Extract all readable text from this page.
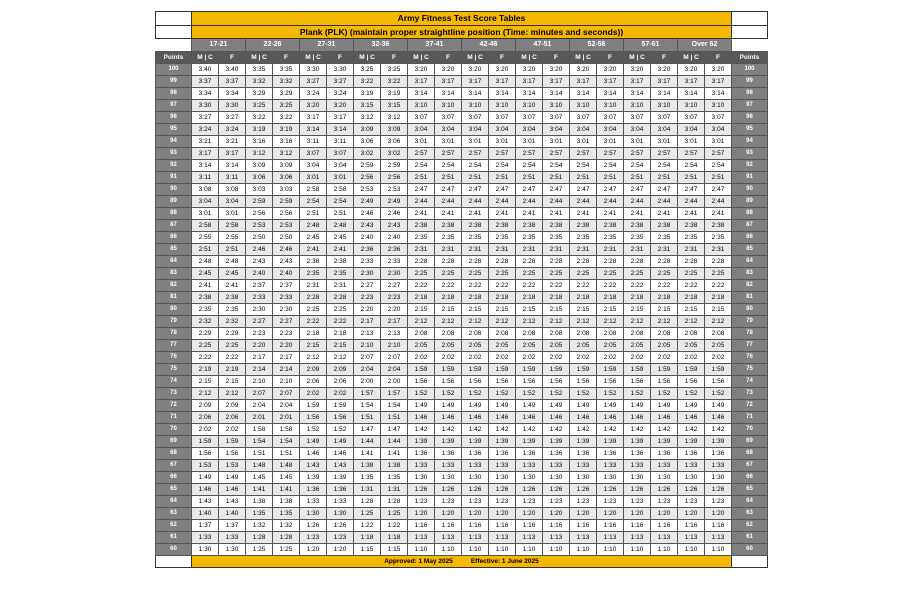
	Army Fitness Test Score Tables																				
	Plank (PLK) (maintain proper straightline position (Time: minutes and seconds))																				
	17-21		22-26		27-31		32-36		37-41		42-46		47-51		52-56		57-61		Over 62		
Points	M | C	F	M | C	F	M | C	F	M | C	F	M | C	F	M | C	F	M | C	F	M | C	F	M | C	F	M | C	F	Points
100	3:40	3:40	3:35	3:35	3:30	3:30	3:25	3:25	3:20	3:20	3:20	3:20	3:20	3:20	3:20	3:20	3:20	3:20	3:20	3:20	100
99	3:37	3:37	3:32	3:32	3:27	3:27	3:22	3:22	3:17	3:17	3:17	3:17	3:17	3:17	3:17	3:17	3:17	3:17	3:17	3:17	99
98	3:34	3:34	3:29	3:29	3:24	3:24	3:19	3:19	3:14	3:14	3:14	3:14	3:14	3:14	3:14	3:14	3:14	3:14	3:14	3:14	98
97	3:30	3:30	3:25	3:25	3:20	3:20	3:15	3:15	3:10	3:10	3:10	3:10	3:10	3:10	3:10	3:10	3:10	3:10	3:10	3:10	97
96	3:27	3:27	3:22	3:22	3:17	3:17	3:12	3:12	3:07	3:07	3:07	3:07	3:07	3:07	3:07	3:07	3:07	3:07	3:07	3:07	96
95	3:24	3:24	3:19	3:19	3:14	3:14	3:09	3:09	3:04	3:04	3:04	3:04	3:04	3:04	3:04	3:04	3:04	3:04	3:04	3:04	95
94	3:21	3:21	3:16	3:16	3:11	3:11	3:06	3:06	3:01	3:01	3:01	3:01	3:01	3:01	3:01	3:01	3:01	3:01	3:01	3:01	94
93	3:17	3:17	3:12	3:12	3:07	3:07	3:02	3:02	2:57	2:57	2:57	2:57	2:57	2:57	2:57	2:57	2:57	2:57	2:57	2:57	93
92	3:14	3:14	3:09	3:09	3:04	3:04	2:59	2:59	2:54	2:54	2:54	2:54	2:54	2:54	2:54	2:54	2:54	2:54	2:54	2:54	92
91	3:11	3:11	3:06	3:06	3:01	3:01	2:56	2:56	2:51	2:51	2:51	2:51	2:51	2:51	2:51	2:51	2:51	2:51	2:51	2:51	91
90	3:08	3:08	3:03	3:03	2:58	2:58	2:53	2:53	2:47	2:47	2:47	2:47	2:47	2:47	2:47	2:47	2:47	2:47	2:47	2:47	90
89	3:04	3:04	2:59	2:59	2:54	2:54	2:49	2:49	2:44	2:44	2:44	2:44	2:44	2:44	2:44	2:44	2:44	2:44	2:44	2:44	89
88	3:01	3:01	2:56	2:56	2:51	2:51	2:46	2:46	2:41	2:41	2:41	2:41	2:41	2:41	2:41	2:41	2:41	2:41	2:41	2:41	88
87	2:58	2:58	2:53	2:53	2:48	2:48	2:43	2:43	2:38	2:38	2:38	2:38	2:38	2:38	2:38	2:38	2:38	2:38	2:38	2:38	87
86	2:55	2:55	2:50	2:50	2:45	2:45	2:40	2:40	2:35	2:35	2:35	2:35	2:35	2:35	2:35	2:35	2:35	2:35	2:35	2:35	86
85	2:51	2:51	2:46	2:46	2:41	2:41	2:36	2:36	2:31	2:31	2:31	2:31	2:31	2:31	2:31	2:31	2:31	2:31	2:31	2:31	85
84	2:48	2:48	2:43	2:43	2:38	2:38	2:33	2:33	2:28	2:28	2:28	2:28	2:28	2:28	2:28	2:28	2:28	2:28	2:28	2:28	84
83	2:45	2:45	2:40	2:40	2:35	2:35	2:30	2:30	2:25	2:25	2:25	2:25	2:25	2:25	2:25	2:25	2:25	2:25	2:25	2:25	83
82	2:41	2:41	2:37	2:37	2:31	2:31	2:27	2:27	2:22	2:22	2:22	2:22	2:22	2:22	2:22	2:22	2:22	2:22	2:22	2:22	82
81	2:38	2:38	2:33	2:33	2:28	2:28	2:23	2:23	2:18	2:18	2:18	2:18	2:18	2:18	2:18	2:18	2:18	2:18	2:18	2:18	81
80	2:35	2:35	2:30	2:30	2:25	2:25	2:20	2:20	2:15	2:15	2:15	2:15	2:15	2:15	2:15	2:15	2:15	2:15	2:15	2:15	80
79	2:32	2:32	2:27	2:27	2:22	2:22	2:17	2:17	2:12	2:12	2:12	2:12	2:12	2:12	2:12	2:12	2:12	2:12	2:12	2:12	79
78	2:29	2:29	2:23	2:23	2:18	2:18	2:13	2:13	2:08	2:08	2:08	2:08	2:08	2:08	2:08	2:08	2:08	2:08	2:08	2:08	78
77	2:25	2:25	2:20	2:20	2:15	2:15	2:10	2:10	2:05	2:05	2:05	2:05	2:05	2:05	2:05	2:05	2:05	2:05	2:05	2:05	77
76	2:22	2:22	2:17	2:17	2:12	2:12	2:07	2:07	2:02	2:02	2:02	2:02	2:02	2:02	2:02	2:02	2:02	2:02	2:02	2:02	76
75	2:19	2:19	2:14	2:14	2:09	2:09	2:04	2:04	1:59	1:59	1:59	1:59	1:59	1:59	1:59	1:59	1:59	1:59	1:59	1:59	75
74	2:15	2:15	2:10	2:10	2:06	2:06	2:00	2:00	1:56	1:56	1:56	1:56	1:56	1:56	1:56	1:56	1:56	1:56	1:56	1:56	74
73	2:12	2:12	2:07	2:07	2:02	2:02	1:57	1:57	1:52	1:52	1:52	1:52	1:52	1:52	1:52	1:52	1:52	1:52	1:52	1:52	73
72	2:09	2:09	2:04	2:04	1:59	1:59	1:54	1:54	1:49	1:49	1:49	1:49	1:49	1:49	1:49	1:49	1:49	1:49	1:49	1:49	72
71	2:06	2:06	2:01	2:01	1:56	1:56	1:51	1:51	1:46	1:46	1:46	1:46	1:46	1:46	1:46	1:46	1:46	1:46	1:46	1:46	71
70	2:02	2:02	1:58	1:58	1:52	1:52	1:47	1:47	1:42	1:42	1:42	1:42	1:42	1:42	1:42	1:42	1:42	1:42	1:42	1:42	70
69	1:59	1:59	1:54	1:54	1:49	1:49	1:44	1:44	1:39	1:39	1:39	1:39	1:39	1:39	1:39	1:39	1:39	1:39	1:39	1:39	69
68	1:56	1:56	1:51	1:51	1:46	1:46	1:41	1:41	1:36	1:36	1:36	1:36	1:36	1:36	1:36	1:36	1:36	1:36	1:36	1:36	68
67	1:53	1:53	1:48	1:48	1:43	1:43	1:38	1:38	1:33	1:33	1:33	1:33	1:33	1:33	1:33	1:33	1:33	1:33	1:33	1:33	67
66	1:49	1:49	1:45	1:45	1:39	1:39	1:35	1:35	1:30	1:30	1:30	1:30	1:30	1:30	1:30	1:30	1:30	1:30	1:30	1:30	66
65	1:46	1:46	1:41	1:41	1:36	1:36	1:31	1:31	1:26	1:26	1:26	1:26	1:26	1:26	1:26	1:26	1:26	1:26	1:26	1:26	65
64	1:43	1:43	1:38	1:38	1:33	1:33	1:28	1:28	1:23	1:23	1:23	1:23	1:23	1:23	1:23	1:23	1:23	1:23	1:23	1:23	64
63	1:40	1:40	1:35	1:35	1:30	1:30	1:25	1:25	1:20	1:20	1:20	1:20	1:20	1:20	1:20	1:20	1:20	1:20	1:20	1:20	63
62	1:37	1:37	1:32	1:32	1:26	1:26	1:22	1:22	1:16	1:16	1:16	1:16	1:16	1:16	1:16	1:16	1:16	1:16	1:16	1:16	62
61	1:33	1:33	1:28	1:28	1:23	1:23	1:18	1:18	1:13	1:13	1:13	1:13	1:13	1:13	1:13	1:13	1:13	1:13	1:13	1:13	61
60	1:30	1:30	1:25	1:25	1:20	1:20	1:15	1:15	1:10	1:10	1:10	1:10	1:10	1:10	1:10	1:10	1:10	1:10	1:10	1:10	60
	Approved: 1 May 2025 Effective: 1 June 2025																				
